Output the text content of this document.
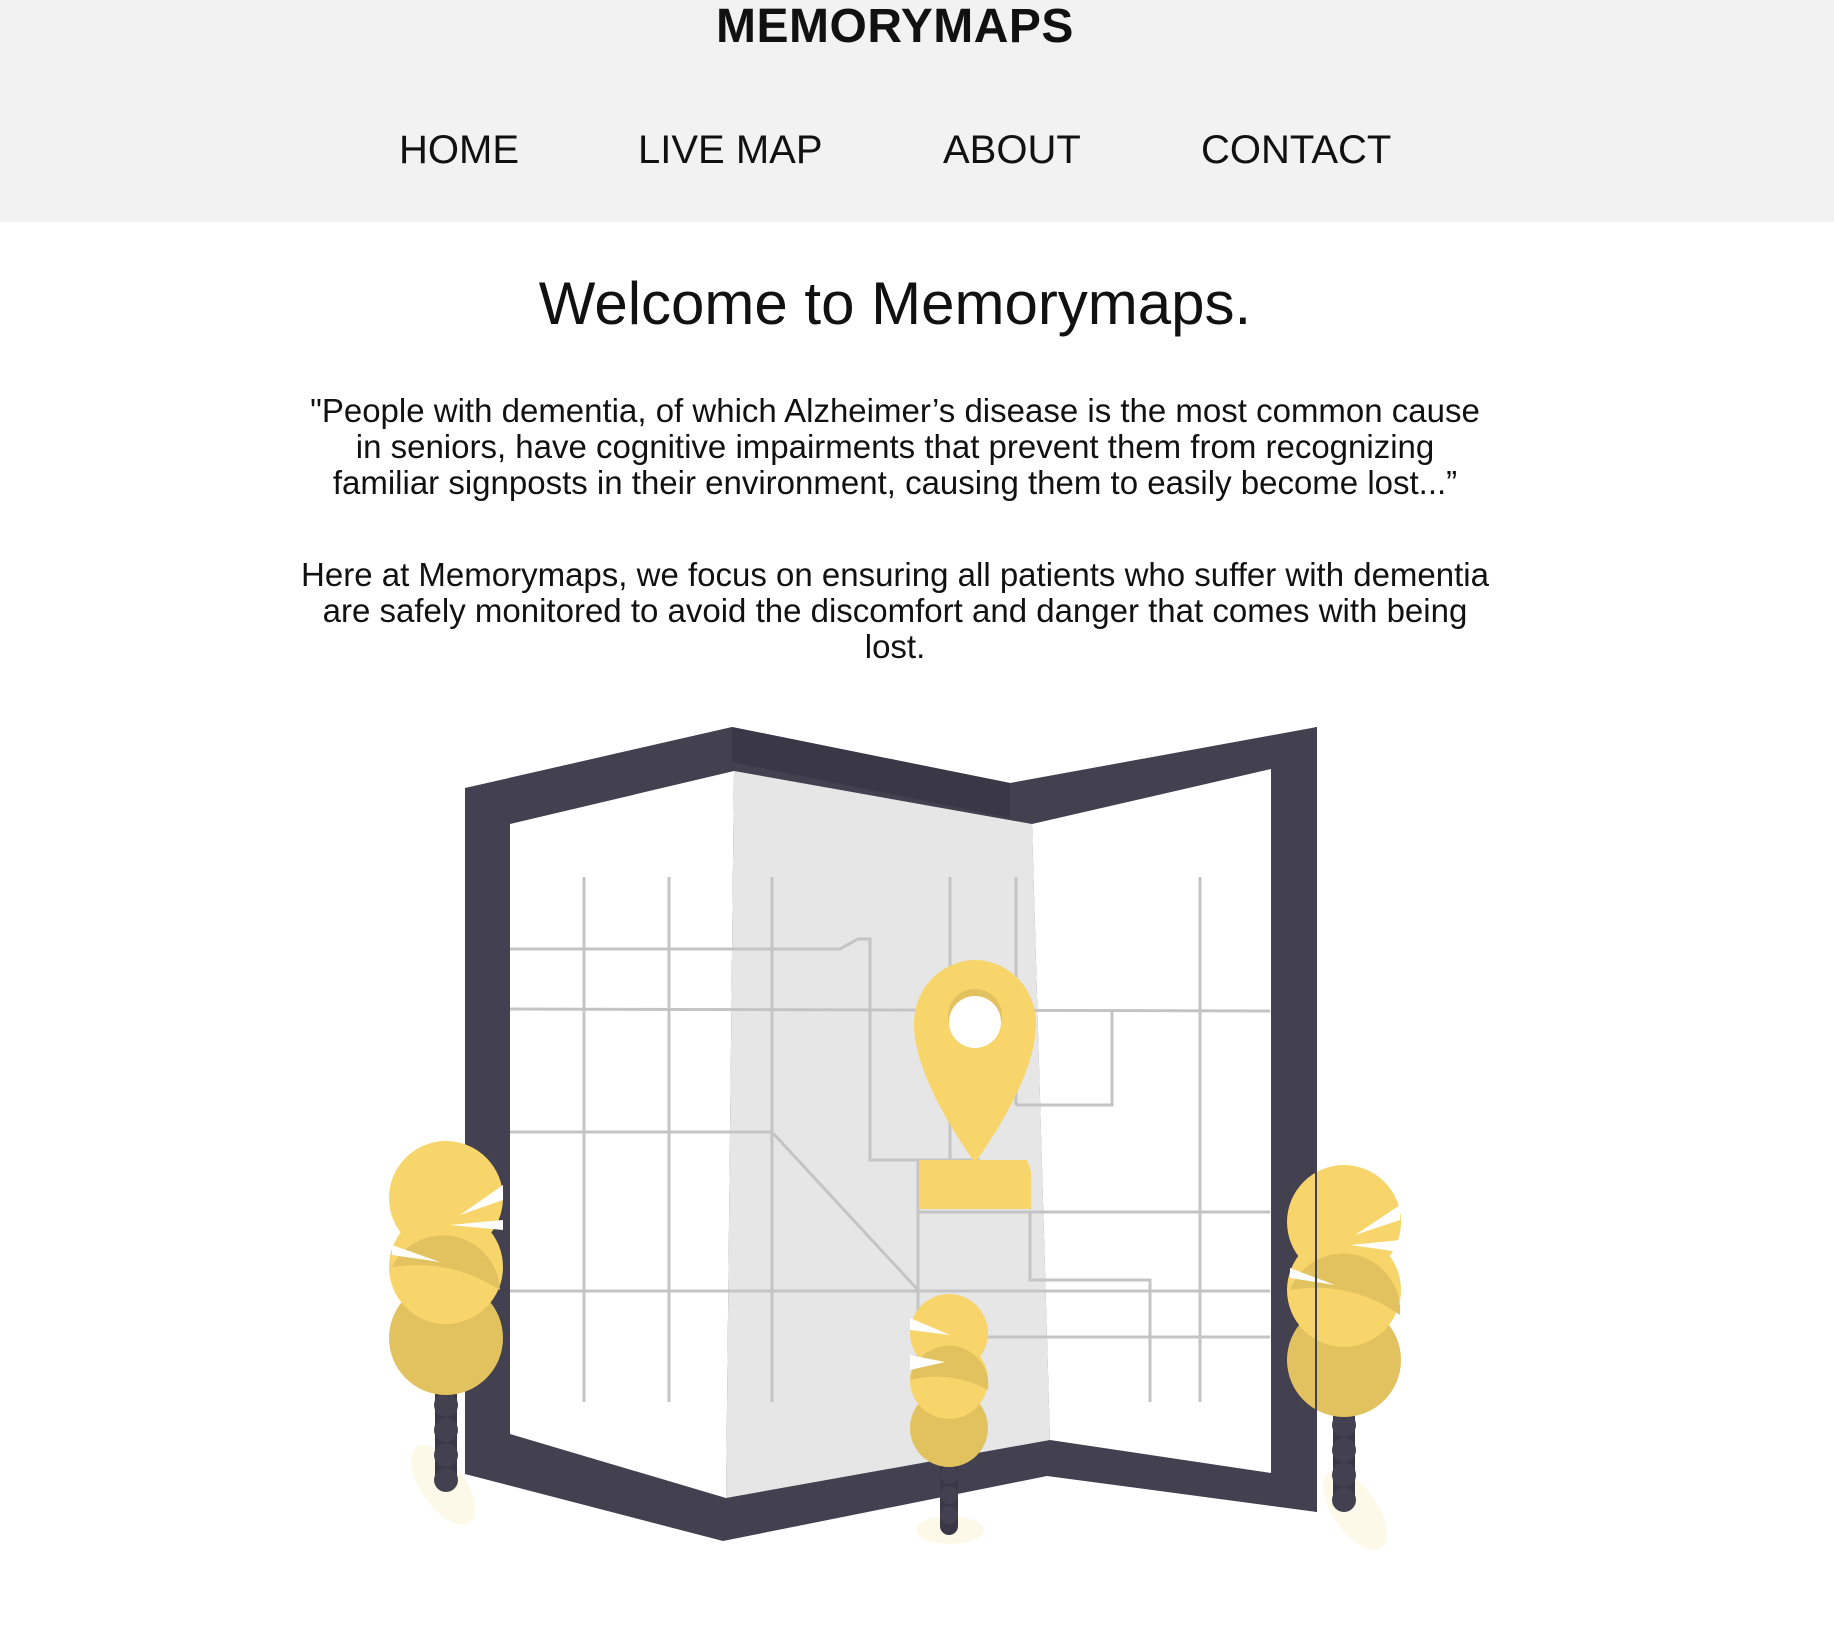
MEMORYMAPS
HOME	LIVE MAP	ABOUT	CONTACT
Welcome to Memorymaps.

"People with dementia, of which Alzheimer’s disease is the most common cause in seniors, have cognitive impairments that prevent them from recognizing familiar signposts in their environment, causing them to easily become lost...”

Here at Memorymaps, we focus on ensuring all patients who suffer with dementia are safely monitored to avoid the discomfort and danger that comes with being lost.
